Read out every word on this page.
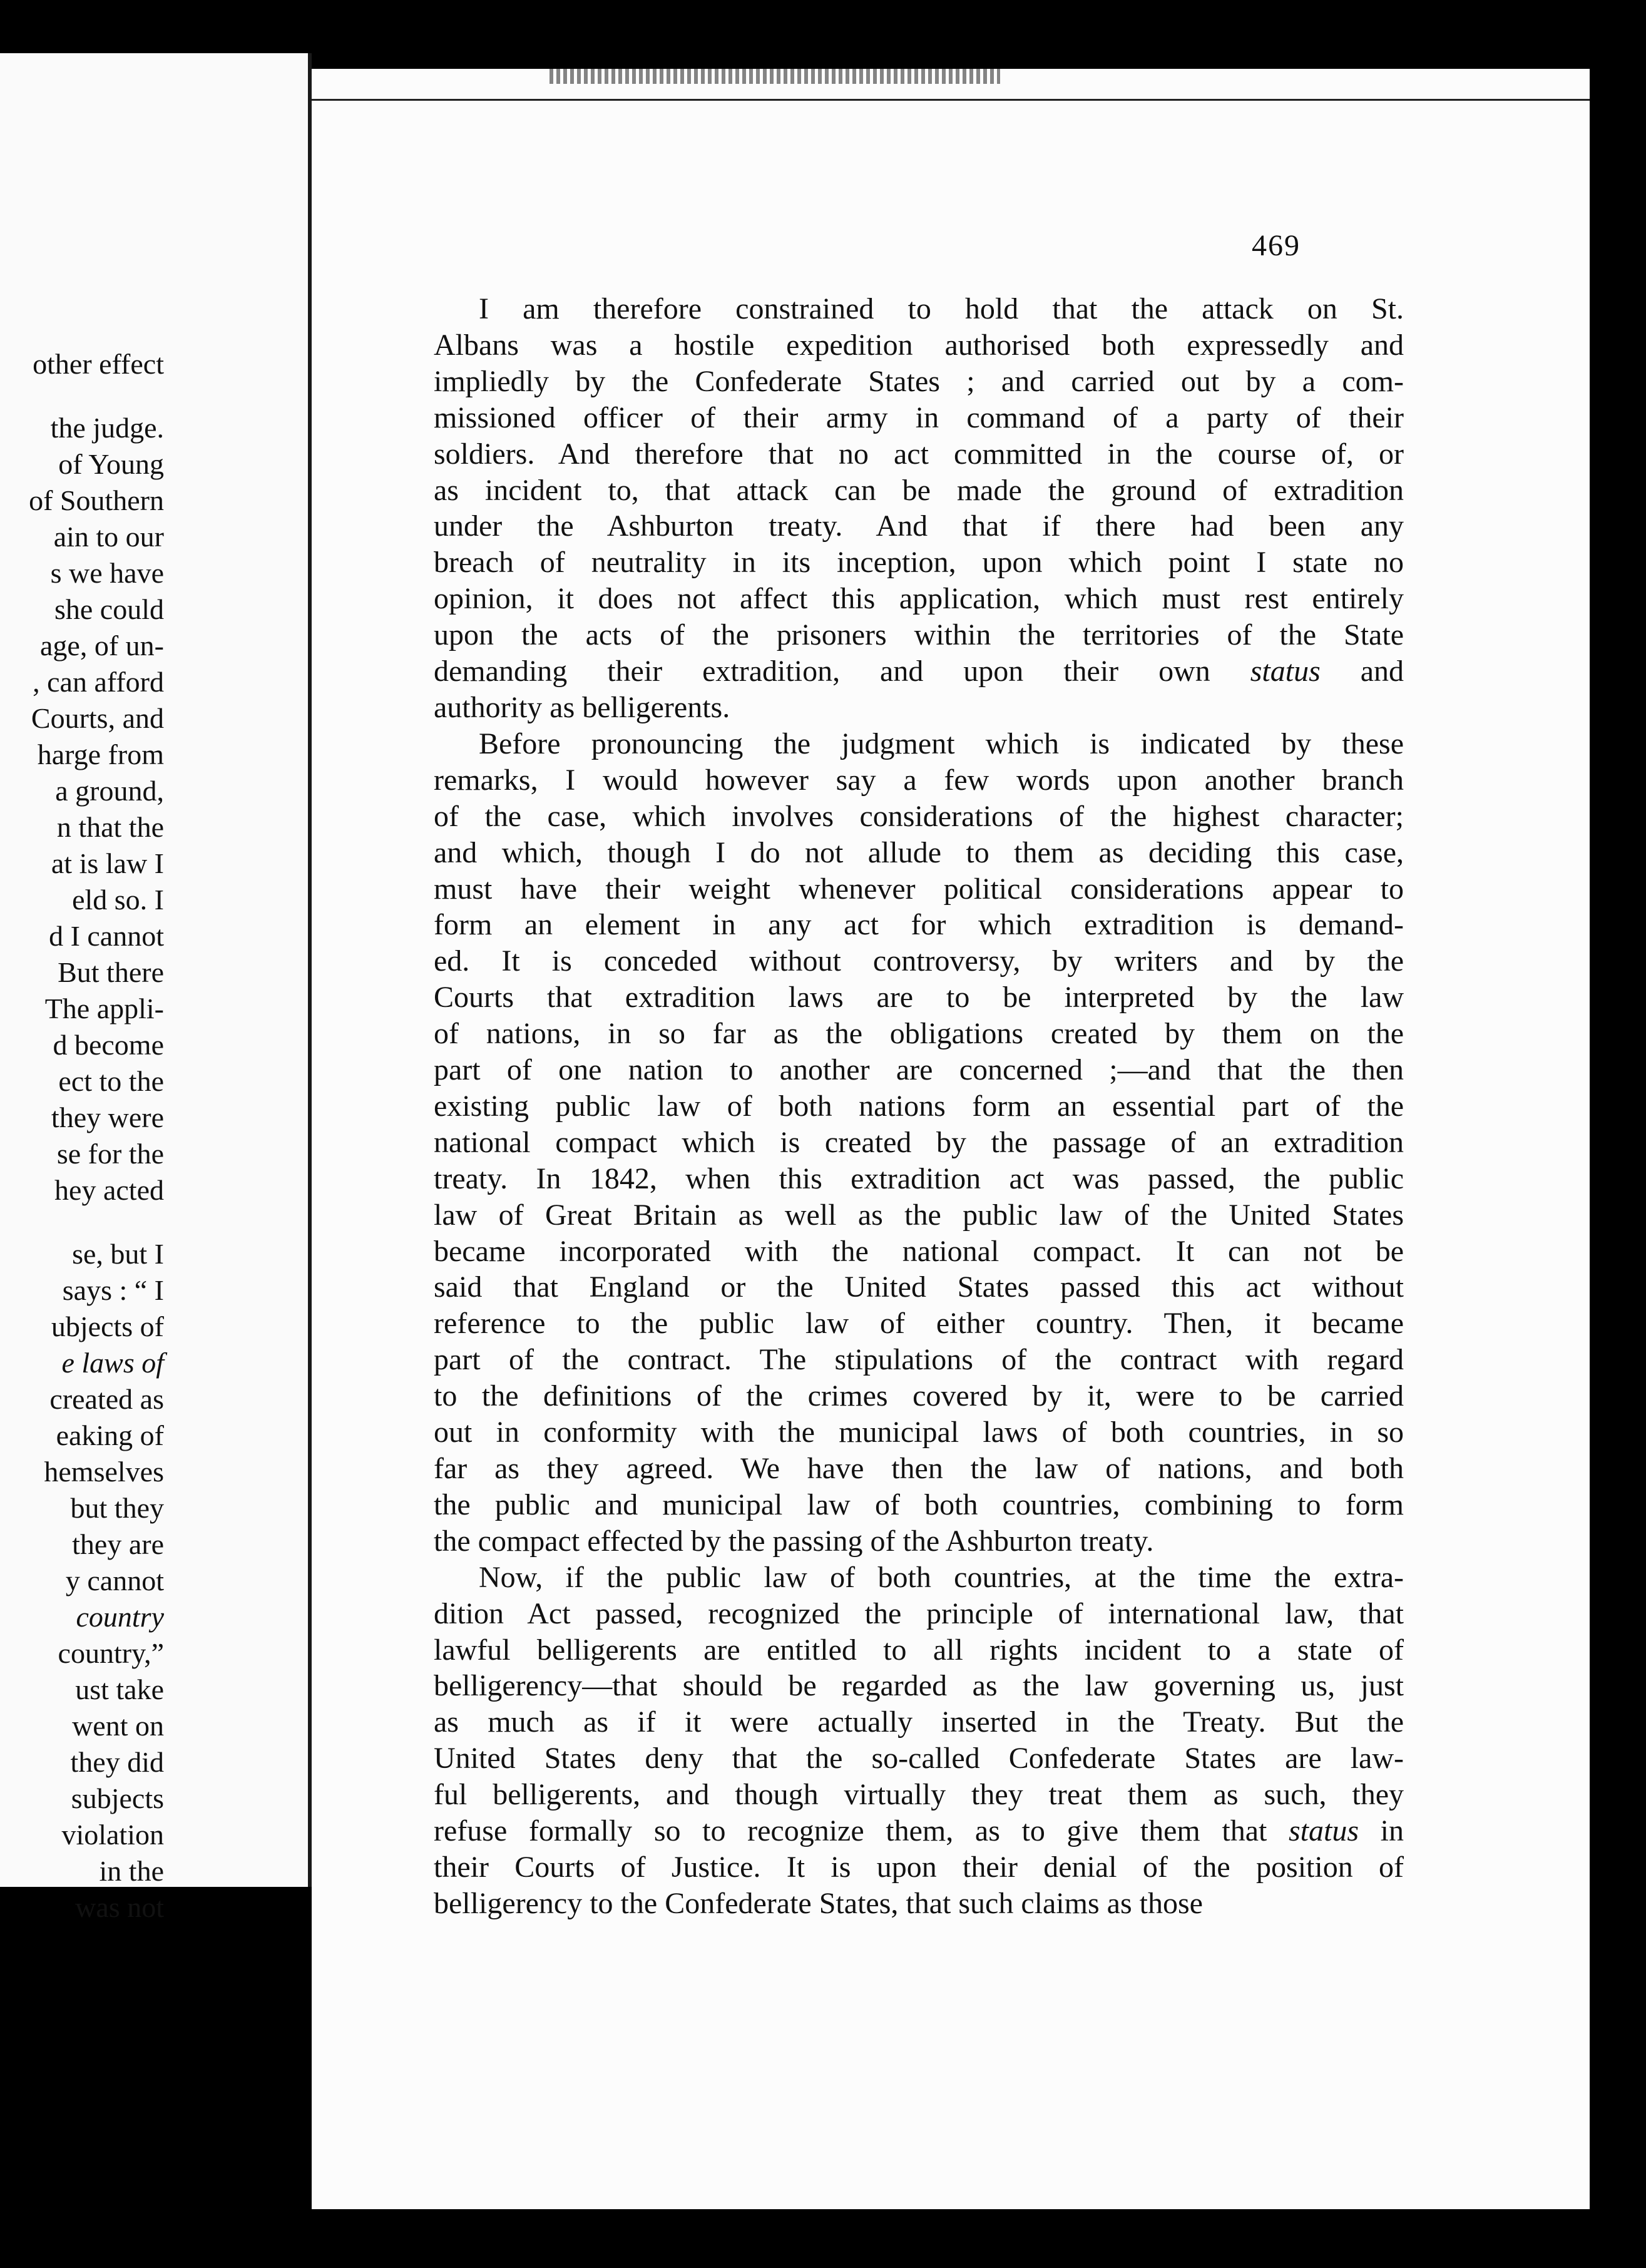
other effect
the judge.
of Young
of Southern
ain to our
s we have
she could
age, of un-
, can afford
Courts, and
harge from
a ground,
n that the
at is law I
eld so. I
d I cannot
But there
The appli-
d become
ect to the
they were
se for the
hey acted
se, but I
says : “ I
ubjects of
e laws of
created as
eaking of
hemselves
but they
they are
y cannot
country
country,”
ust take
went on
they did
subjects
violation
in the
was not
469
I am therefore constrained to hold that the attack on St.
Albans was a hostile expedition authorised both expressedly and
impliedly by the Confederate States ; and carried out by a com-
missioned officer of their army in command of a party of their
soldiers. And therefore that no act committed in the course of, or
as incident to, that attack can be made the ground of extradition
under the Ashburton treaty. And that if there had been any
breach of neutrality in its inception, upon which point I state no
opinion, it does not affect this application, which must rest entirely
upon the acts of the prisoners within the territories of the State
demanding their extradition, and upon their own status and
authority as belligerents.
Before pronouncing the judgment which is indicated by these
remarks, I would however say a few words upon another branch
of the case, which involves considerations of the highest character;
and which, though I do not allude to them as deciding this case,
must have their weight whenever political considerations appear to
form an element in any act for which extradition is demand-
ed. It is conceded without controversy, by writers and by the
Courts that extradition laws are to be interpreted by the law
of nations, in so far as the obligations created by them on the
part of one nation to another are concerned ;—and that the then
existing public law of both nations form an essential part of the
national compact which is created by the passage of an extradition
treaty. In 1842, when this extradition act was passed, the public
law of Great Britain as well as the public law of the United States
became incorporated with the national compact. It can not be
said that England or the United States passed this act without
reference to the public law of either country. Then, it became
part of the contract. The stipulations of the contract with regard
to the definitions of the crimes covered by it, were to be carried
out in conformity with the municipal laws of both countries, in so
far as they agreed. We have then the law of nations, and both
the public and municipal law of both countries, combining to form
the compact effected by the passing of the Ashburton treaty.
Now, if the public law of both countries, at the time the extra-
dition Act passed, recognized the principle of international law, that
lawful belligerents are entitled to all rights incident to a state of
belligerency—that should be regarded as the law governing us, just
as much as if it were actually inserted in the Treaty. But the
United States deny that the so-called Confederate States are law-
ful belligerents, and though virtually they treat them as such, they
refuse formally so to recognize them, as to give them that status in
their Courts of Justice. It is upon their denial of the position of
belligerency to the Confederate States, that such claims as those
